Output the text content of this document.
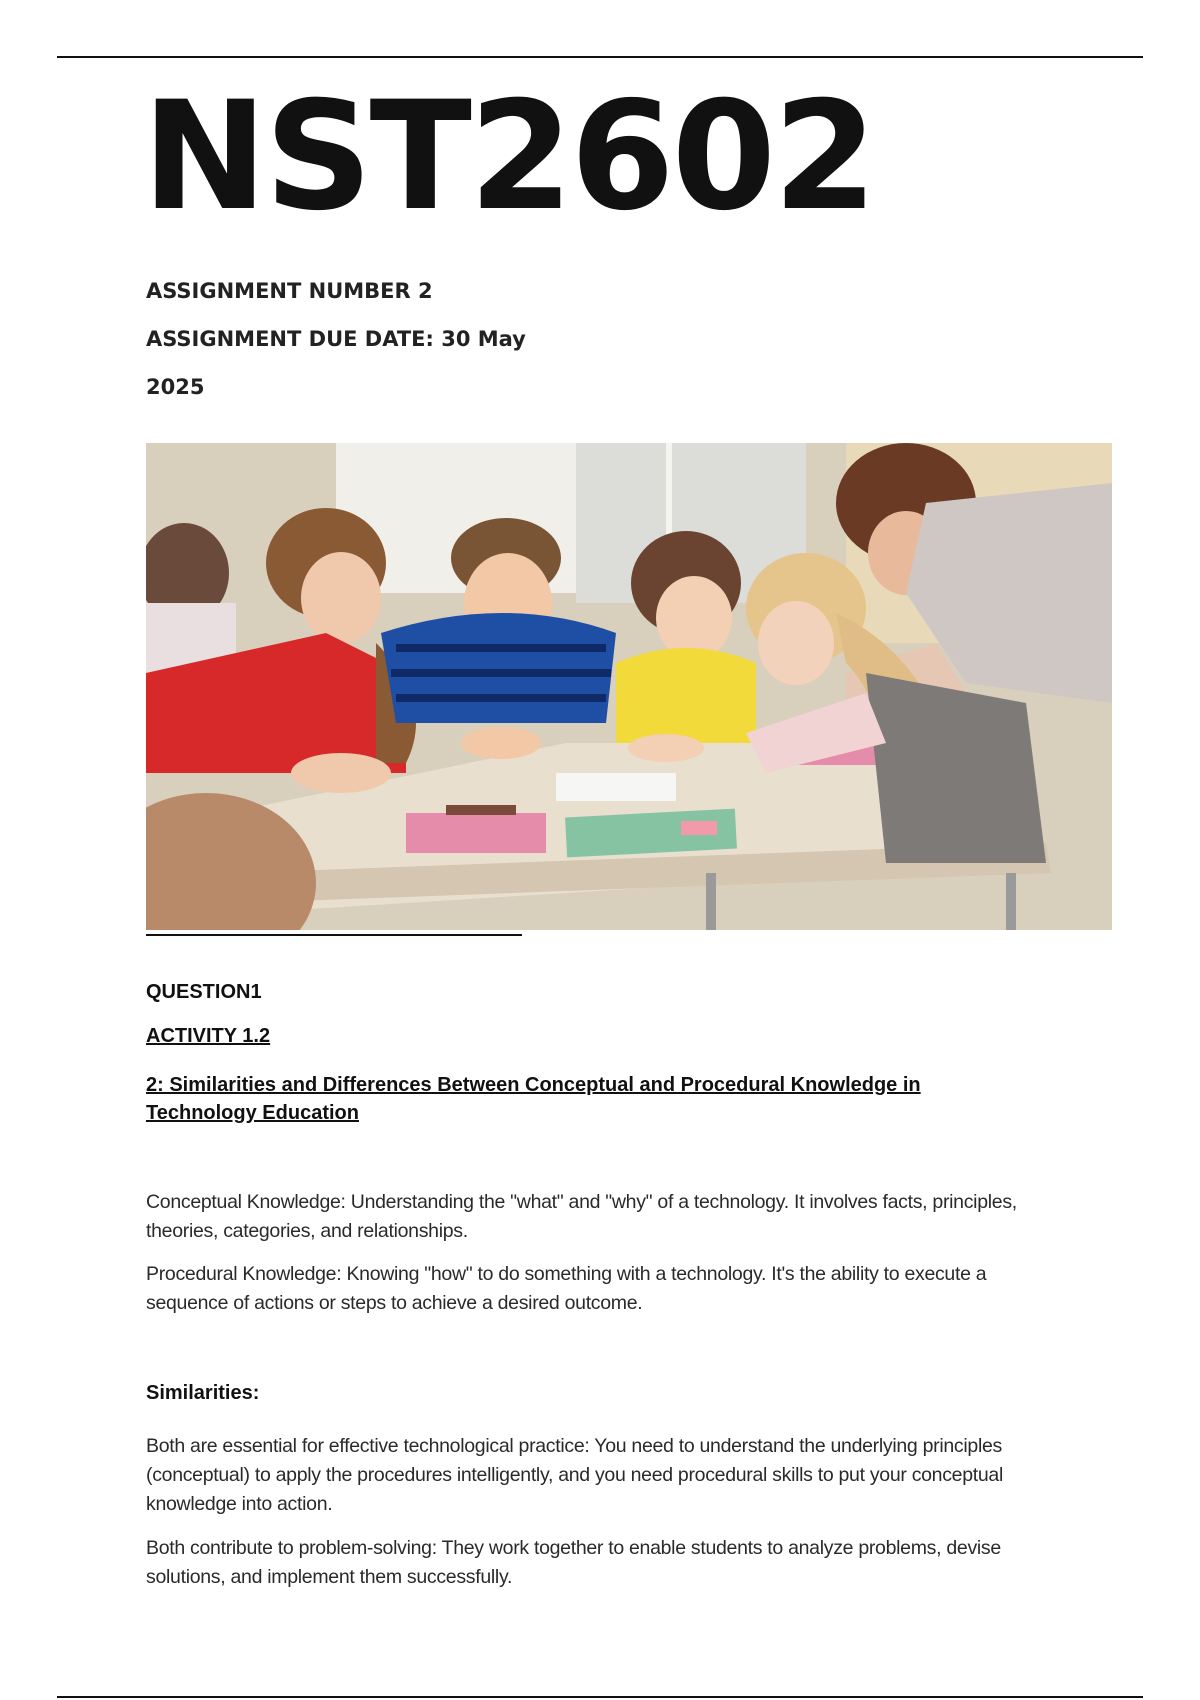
NST2602

ASSIGNMENT NUMBER 2

ASSIGNMENT DUE DATE: 30 May

2025

QUESTION1

ACTIVITY 1.2

2: Similarities and Differences Between Conceptual and Procedural Knowledge in Technology Education

Conceptual Knowledge: Understanding the "what" and "why" of a technology. It involves facts, principles, theories, categories, and relationships.

Procedural Knowledge: Knowing "how" to do something with a technology. It's the ability to execute a sequence of actions or steps to achieve a desired outcome.

Similarities:

Both are essential for effective technological practice: You need to understand the underlying principles (conceptual) to apply the procedures intelligently, and you need procedural skills to put your conceptual knowledge into action.

Both contribute to problem-solving: They work together to enable students to analyze problems, devise solutions, and implement them successfully.
